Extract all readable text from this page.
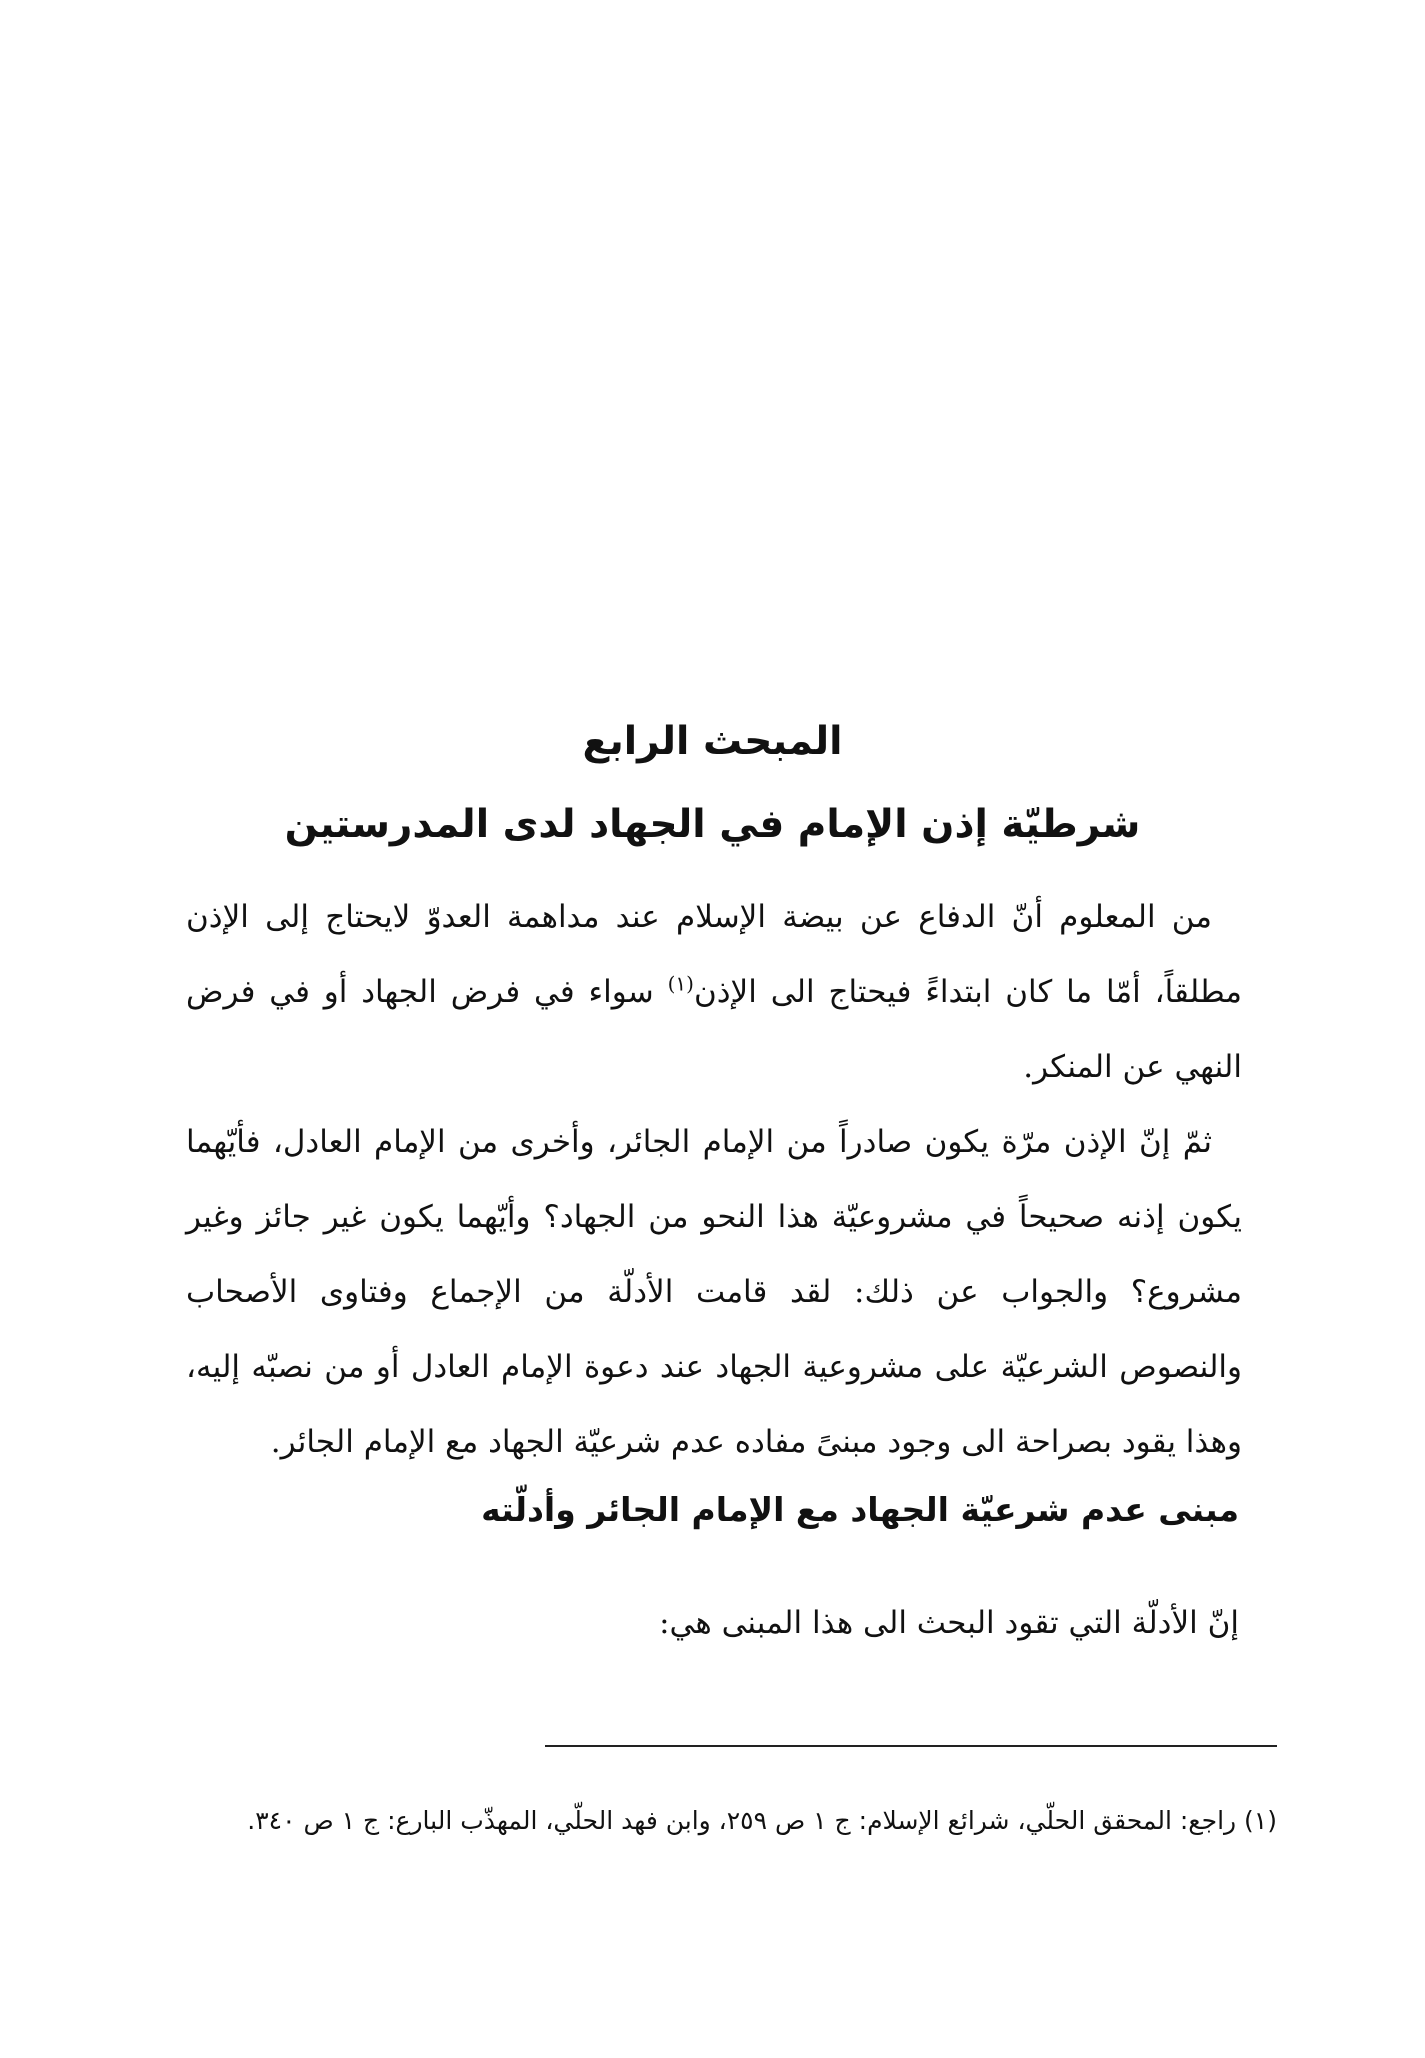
المبحث الرابع
شرطيّة إذن الإمام في الجهاد لدى المدرستين
من المعلوم أنّ الدفاع عن بيضة الإسلام عند مداهمة العدوّ لايحتاج إلى الإذن مطلقاً، أمّا ما كان ابتداءً فيحتاج الى الإذن$^{(١)}$ سواء في فرض الجهاد أو في فرض النهي عن المنكر.
ثمّ إنّ الإذن مرّة يكون صادراً من الإمام الجائر، وأخرى من الإمام العادل، فأيّهما يكون إذنه صحيحاً في مشروعيّة هذا النحو من الجهاد؟ وأيّهما يكون غير جائز وغير مشروع؟ والجواب عن ذلك: لقد قامت الأدلّة من الإجماع وفتاوى الأصحاب والنصوص الشرعيّة على مشروعية الجهاد عند دعوة الإمام العادل أو من نصبّه إليه، وهذا يقود بصراحة الى وجود مبنىً مفاده عدم شرعيّة الجهاد مع الإمام الجائر.
مبنى عدم شرعيّة الجهاد مع الإمام الجائر وأدلّته
إنّ الأدلّة التي تقود البحث الى هذا المبنى هي:
(١) راجع: المحقق الحلّي، شرائع الإسلام: ج ١ ص ٢٥٩، وابن فهد الحلّي، المهذّب البارع: ج ١ ص ٣٤٠.
